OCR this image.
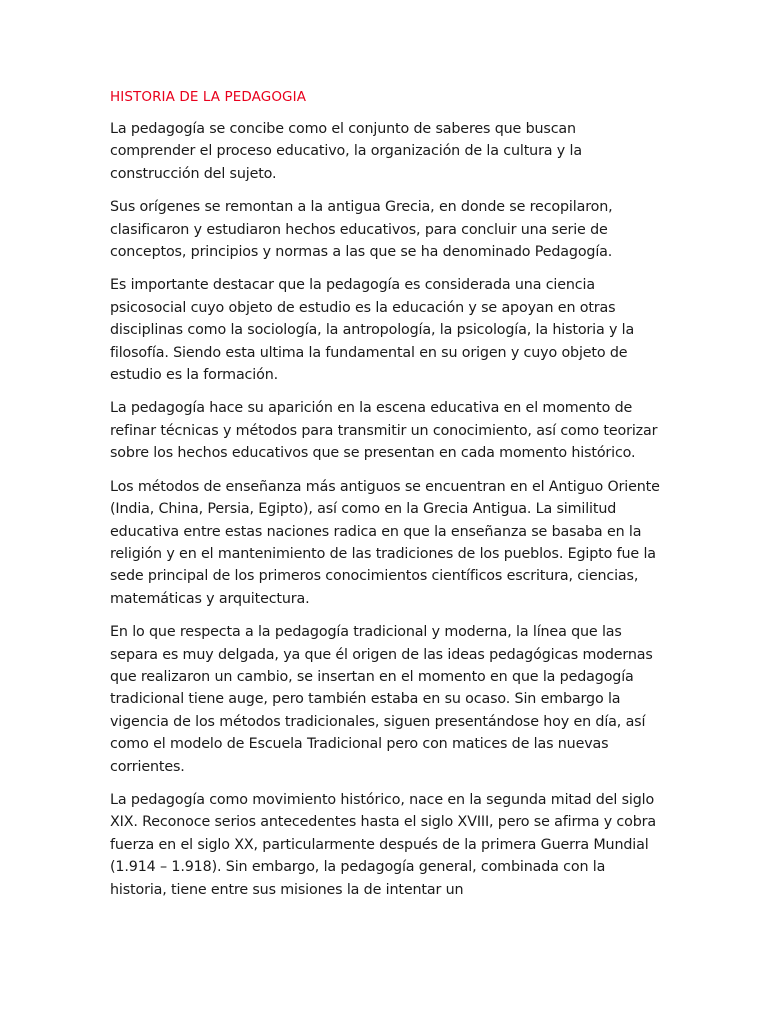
HISTORIA DE LA PEDAGOGIA

La pedagogía se concibe como el conjunto de saberes que buscan comprender el proceso educativo, la organización de la cultura y la construcción del sujeto.

Sus orígenes se remontan a la antigua Grecia, en donde se recopilaron, clasificaron y estudiaron hechos educativos, para concluir una serie de conceptos, principios y normas a las que se ha denominado Pedagogía.

Es importante destacar que la pedagogía es considerada una ciencia psicosocial cuyo objeto de estudio es la educación y se apoyan en otras disciplinas como la sociología, la antropología, la psicología, la historia y la filosofía. Siendo esta ultima la fundamental en su origen y cuyo objeto de estudio es la formación.

La pedagogía hace su aparición en la escena educativa en el momento de refinar técnicas y métodos para transmitir un conocimiento, así como teorizar sobre los hechos educativos que se presentan en cada momento histórico.

Los métodos de enseñanza más antiguos se encuentran en el Antiguo Oriente (India, China, Persia, Egipto), así como en la Grecia Antigua. La similitud educativa entre estas naciones radica en que la enseñanza se basaba en la religión y en el mantenimiento de las tradiciones de los pueblos. Egipto fue la sede principal de los primeros conocimientos científicos escritura, ciencias, matemáticas y arquitectura.

En lo que respecta a la pedagogía tradicional y moderna, la línea que las separa es muy delgada, ya que él origen de las ideas pedagógicas modernas que realizaron un cambio, se insertan en el momento en que la pedagogía tradicional tiene auge, pero también estaba en su ocaso. Sin embargo la vigencia de los métodos tradicionales, siguen presentándose hoy en día, así como el modelo de Escuela Tradicional pero con matices de las nuevas corrientes.

La pedagogía como movimiento histórico, nace en la segunda mitad del siglo XIX. Reconoce serios antecedentes hasta el siglo XVIII, pero se afirma y cobra fuerza en el siglo XX, particularmente después de la primera Guerra Mundial (1.914 – 1.918). Sin embargo, la pedagogía general, combinada con la historia, tiene entre sus misiones la de intentar un
